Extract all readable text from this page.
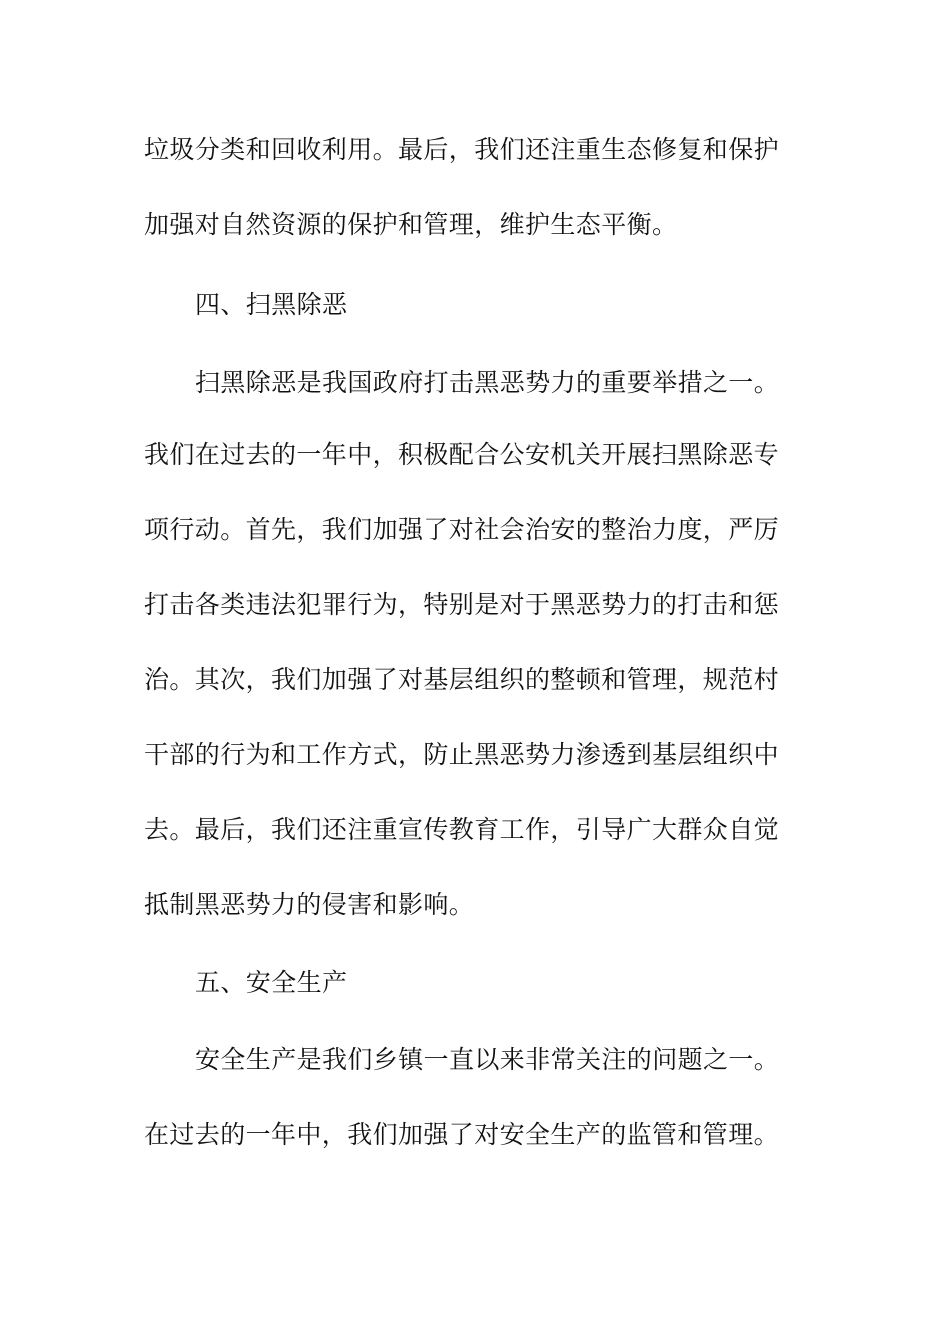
垃圾分类和回收利用。最后，我们还注重生态修复和保护
加强对自然资源的保护和管理，维护生态平衡。
四、扫黑除恶
扫黑除恶是我国政府打击黑恶势力的重要举措之一。
我们在过去的一年中，积极配合公安机关开展扫黑除恶专
项行动。首先，我们加强了对社会治安的整治力度，严厉
打击各类违法犯罪行为，特别是对于黑恶势力的打击和惩
治。其次，我们加强了对基层组织的整顿和管理，规范村
干部的行为和工作方式，防止黑恶势力渗透到基层组织中
去。最后，我们还注重宣传教育工作，引导广大群众自觉
抵制黑恶势力的侵害和影响。
五、安全生产
安全生产是我们乡镇一直以来非常关注的问题之一。
在过去的一年中，我们加强了对安全生产的监管和管理。
